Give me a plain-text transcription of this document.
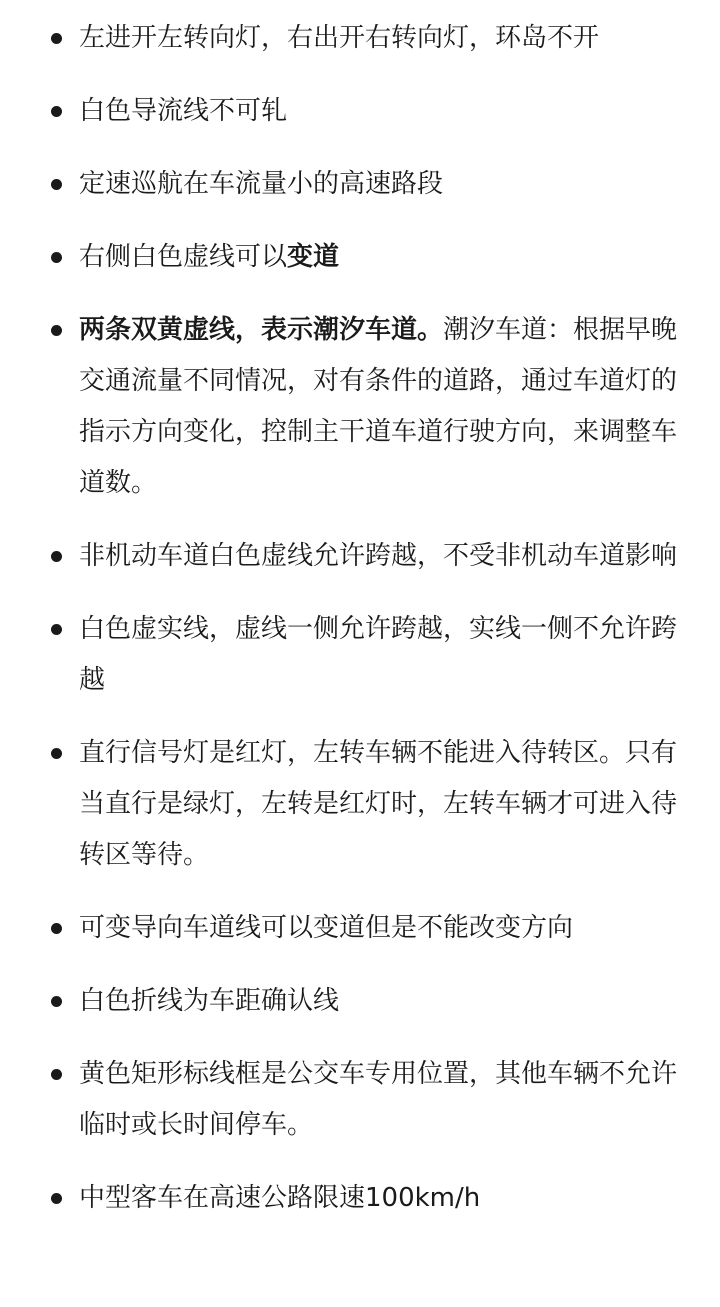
左进开左转向灯，右出开右转向灯，环岛不开
白色导流线不可轧
定速巡航在车流量小的高速路段
右侧白色虚线可以变道
两条双黄虚线，表示潮汐车道。潮汐车道：根据早晚交通流量不同情况，对有条件的道路，通过车道灯的指示方向变化，控制主干道车道行驶方向，来调整车道数。
非机动车道白色虚线允许跨越，不受非机动车道影响
白色虚实线，虚线一侧允许跨越，实线一侧不允许跨越
直行信号灯是红灯，左转车辆不能进入待转区。只有当直行是绿灯，左转是红灯时，左转车辆才可进入待转区等待。
可变导向车道线可以变道但是不能改变方向
白色折线为车距确认线
黄色矩形标线框是公交车专用位置，其他车辆不允许临时或长时间停车。
中型客车在高速公路限速100km/h
